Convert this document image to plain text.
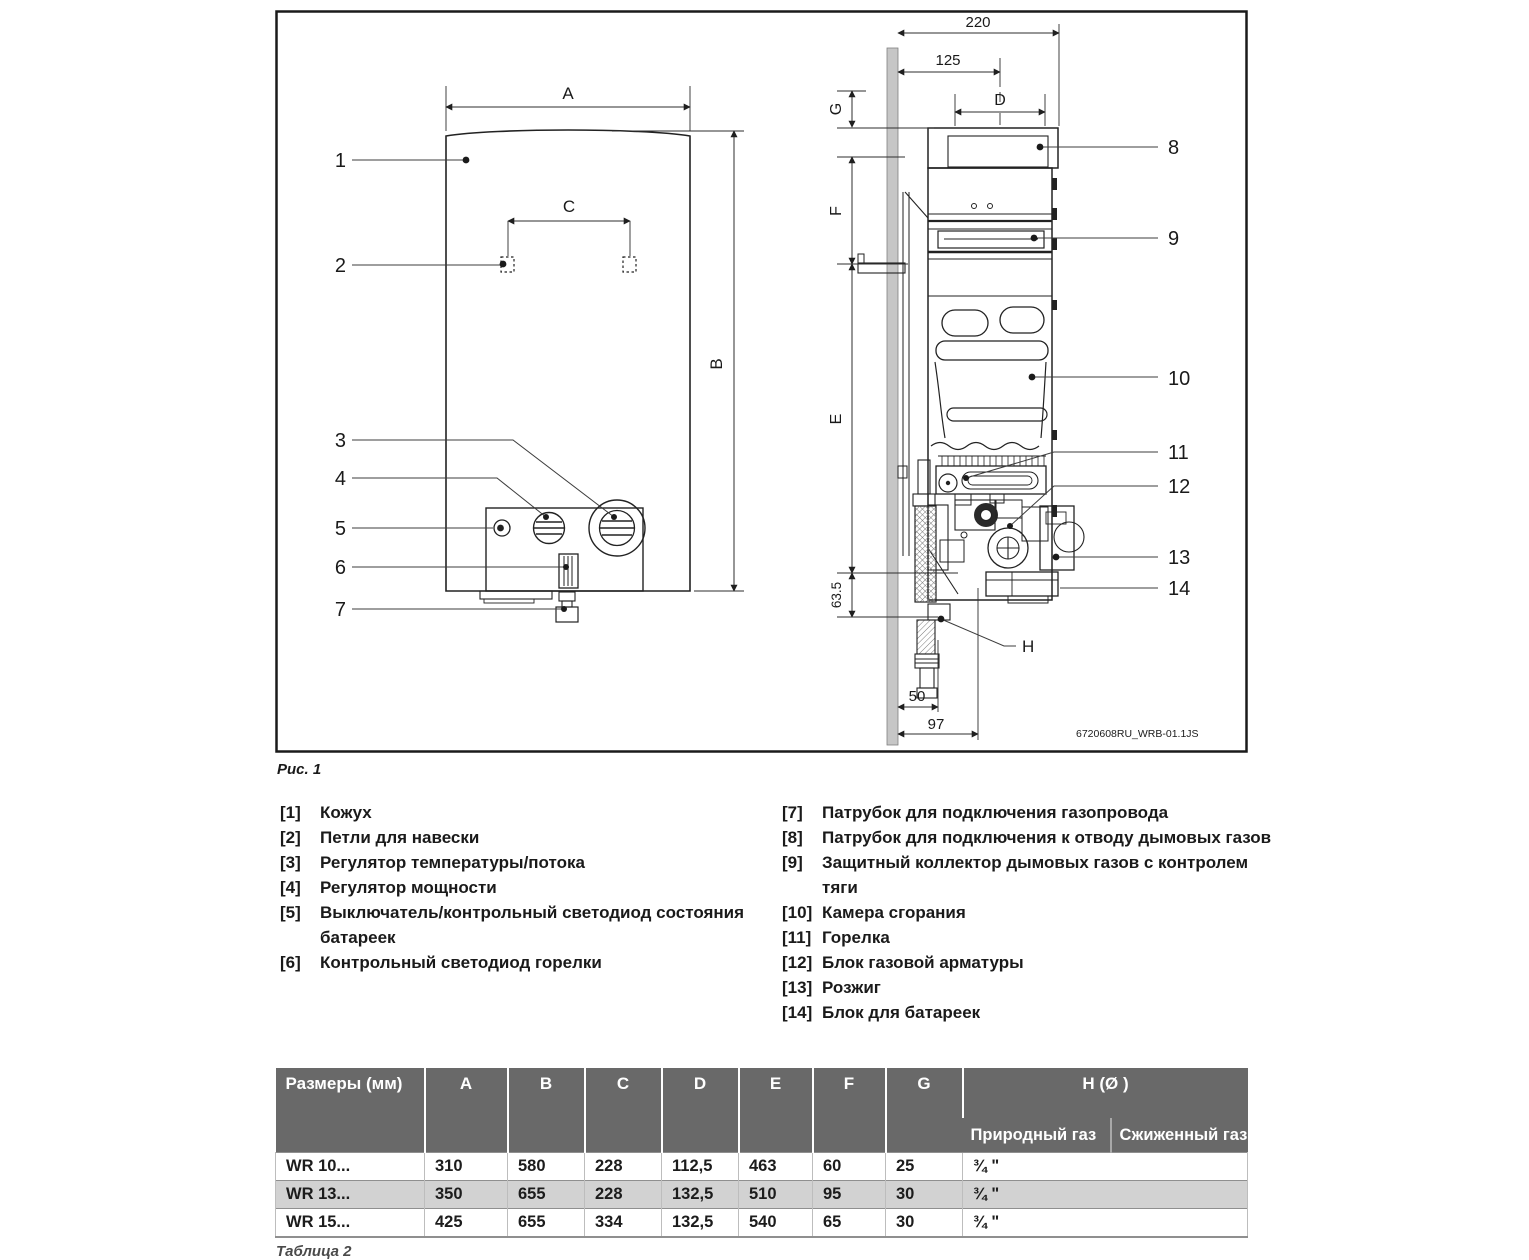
1
2
3
4
5
6
7
8
9
10
11
12
13
14
A
B
C
D
G
F
E
63.5
H
220
125
50
97
6720608RU_WRB-01.1JS
Рис. 1
[1]	Кожух
[2]	Петли для навески
[3]	Регулятор температуры/потока
[4]	Регулятор мощности
[5]	Выключатель/контрольный светодиод состояния батареек
[6]	Контрольный светодиод горелки
[7]	Патрубок для подключения газопровода
[8]	Патрубок для подключения к отводу дымовых газов
[9]	Защитный коллектор дымовых газов с контролем тяги
[10] Камера сгорания
[11] Горелка
[12] Блок газовой арматуры
[13] Розжиг
[14] Блок для батареек
Размеры (мм)	A	B	C	D	E	F	G	H (Ø )	
								Природный газ	Сжиженный газ
WR 10...	310	580	228	112,5	463	60	25	¾ "	
WR 13...	350	655	228	132,5	510	95	30	¾ "	
WR 15...	425	655	334	132,5	540	65	30	¾ "	
Таблица 2
